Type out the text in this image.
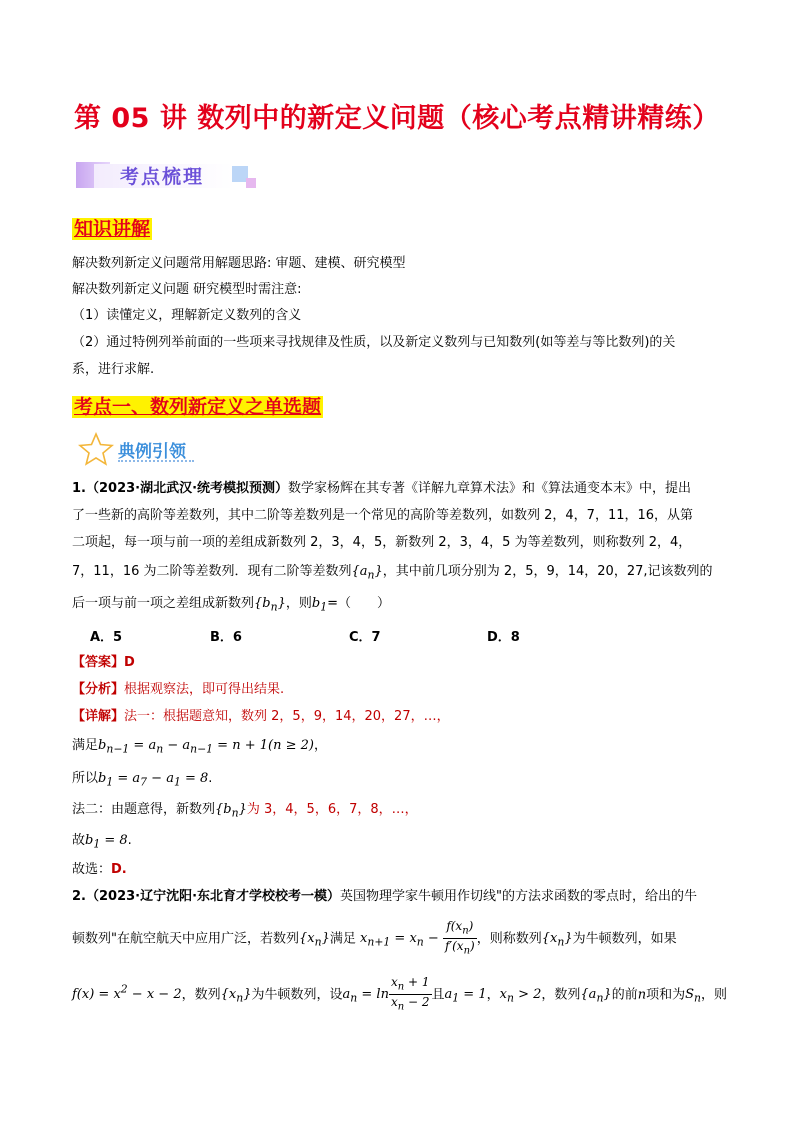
第 05 讲 数列中的新定义问题（核心考点精讲精练）
考点梳理
知识讲解
解决数列新定义问题常用解题思路: 审题、建模、研究模型
解决数列新定义问题 研究模型时需注意:
（1）读懂定义，理解新定义数列的含义
（2）通过特例列举前面的一些项来寻找规律及性质，以及新定义数列与已知数列(如等差与等比数列)的关
系，进行求解.
考点一、数列新定义之单选题
典例引领
1.（2023·湖北武汉·统考模拟预测）数学家杨辉在其专著《详解九章算术法》和《算法通变本末》中，提出
了一些新的高阶等差数列，其中二阶等差数列是一个常见的高阶等差数列，如数列 2，4，7，11，16，从第
二项起，每一项与前一项的差组成新数列 2，3，4，5，新数列 2，3，4，5 为等差数列，则称数列 2，4，
7，11，16 为二阶等差数列．现有二阶等差数列$\{a_n\}$，其中前几项分别为 2，5，9，14，20，27,记该数列的
后一项与前一项之差组成新数列$\{b_n\}$，则$b_1=$（　　）
A．5	B．6	C．7	D．8
【答案】D
【分析】根据观察法，即可得出结果.
【详解】法一：根据题意知，数列 2，5，9，14，20，27，…，
满足$b_{n-1} = a_n - a_{n-1} = n + 1(n \ge 2)$，
所以$b_1 = a_7 - a_1 = 8$.
法二：由题意得，新数列$\{b_n\}$为 3，4，5，6，7，8，…，
故$b_1 = 8$.
故选：D.
2.（2023·辽宁沈阳·东北育才学校校考一模）英国物理学家牛顿用作切线"的方法求函数的零点时，给出的牛
顿数列"在航空航天中应用广泛，若数列$\{x_n\}$满足 $x_{n+1} = x_n - \frac{f(x_n)}{f'(x_n)}$ ，则称数列$\{x_n\}$为牛顿数列，如果
$f(x) = x^2 - x - 2$，数列$\{x_n\}$为牛顿数列，设$a_n = \ln \frac{x_n + 1}{x_n - 2}$ 且$a_1 = 1$，$x_n > 2$，数列$\{a_n\}$的前n项和为$S_n$，则
